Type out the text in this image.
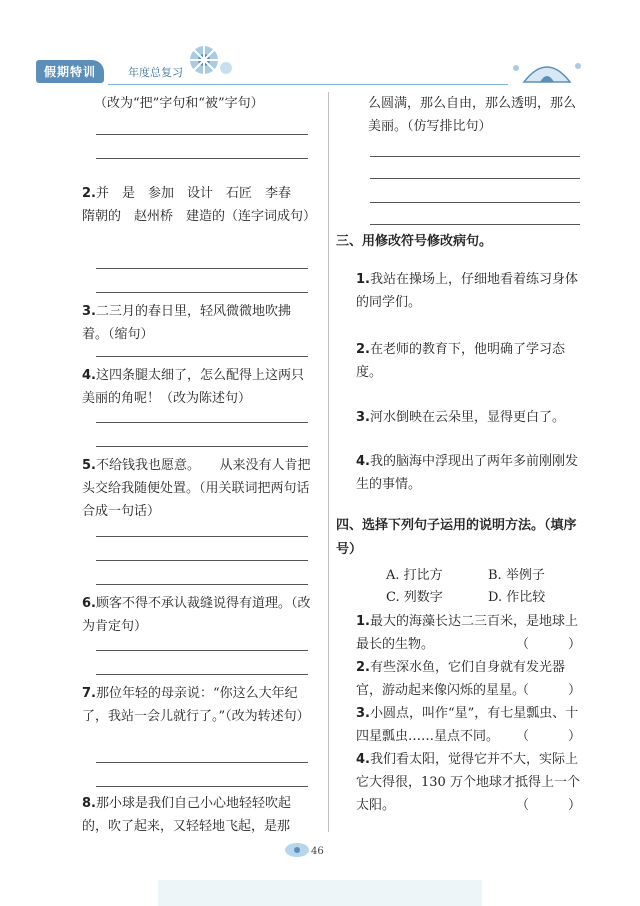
假期特训	年度总复习
（改为“把”字句和“被”字句）
2.并　是　参加　设计　石匠　李春　隋朝的　赵州桥　建造的（连字词成句）
3.二三月的春日里，轻风微微地吹拂着。（缩句）
4.这四条腿太细了，怎么配得上这两只美丽的角呢！（改为陈述句）
5.不给钱我也愿意。　　从来没有人肯把头交给我随便处置。（用关联词把两句话合成一句话）
6.顾客不得不承认裁缝说得有道理。（改为肯定句）
7.那位年轻的母亲说：“你这么大年纪了，我站一会儿就行了。”（改为转述句）
8.那小球是我们自己小心地轻轻吹起的，吹了起来，又轻轻地飞起，是那
么圆满，那么自由，那么透明，那么美丽。（仿写排比句）
三、用修改符号修改病句。
1.我站在操场上，仔细地看着练习身体的同学们。
2.在老师的教育下，他明确了学习态度。
3.河水倒映在云朵里，显得更白了。
4.我的脑海中浮现出了两年多前刚刚发生的事情。
四、选择下列句子运用的说明方法。（填序号）
A. 打比方	B. 举例子
C. 列数字	D. 作比较
1.最大的海藻长达二三百米，是地球上最长的生物。	（　　　）
2.有些深水鱼，它们自身就有发光器官，游动起来像闪烁的星星。
（　　　）
3.小圆点，叫作“星”，有七星瓢虫、十四星瓢虫……星点不同。	（　　　）
4.我们看太阳，觉得它并不大，实际上它大得很，130 万个地球才抵得上一个太阳。	（　　　）
46
